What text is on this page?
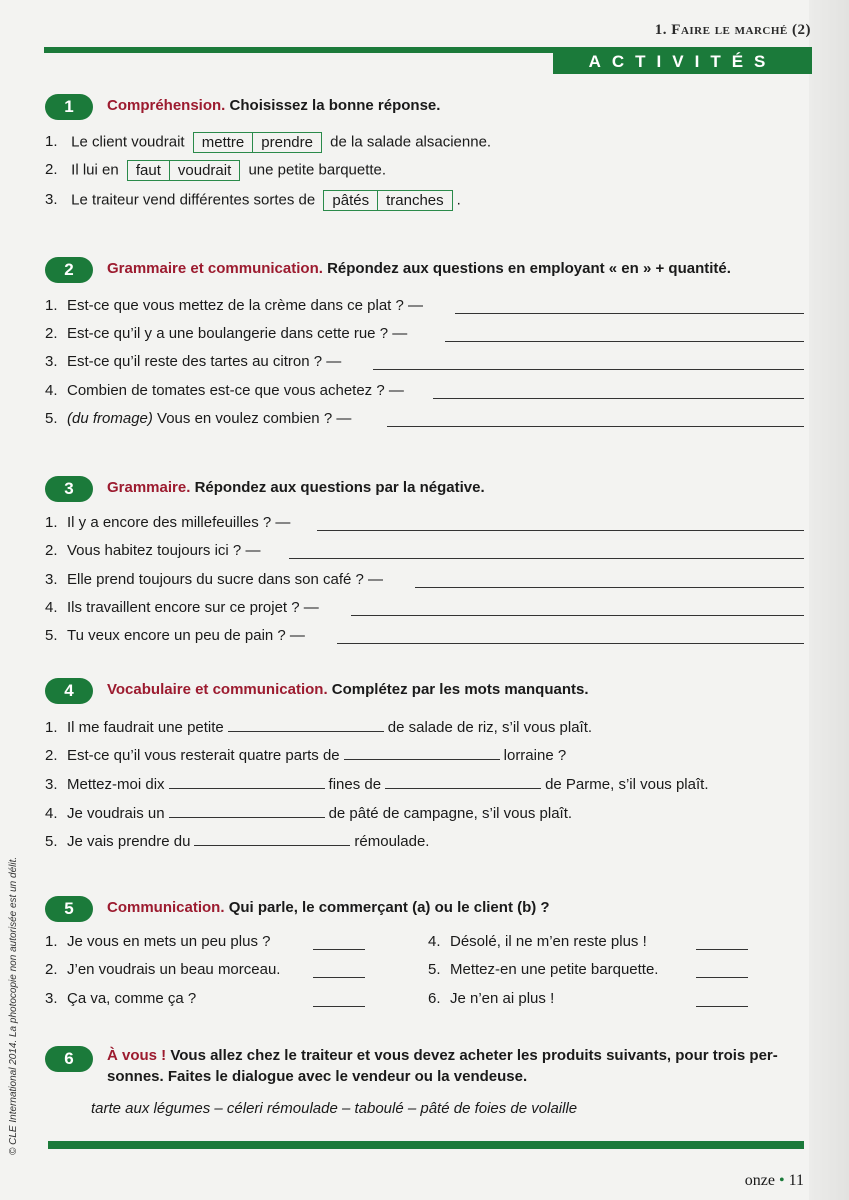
1. Faire le marché (2)
ACTIVITÉS
1	Compréhension. Choisissez la bonne réponse.
1. Le client voudrait	mettre	prendre	de la salade alsacienne.
2. Il lui en	faut	voudrait	une petite barquette.
3. Le traiteur vend différentes sortes de	pâtés	tranches .
2	Grammaire et communication. Répondez aux questions en employant « en » + quantité.
1. Est-ce que vous mettez de la crème dans ce plat ? —
2. Est-ce qu’il y a une boulangerie dans cette rue ? —
3. Est-ce qu’il reste des tartes au citron ? —
4. Combien de tomates est-ce que vous achetez ? —
5. (du fromage) Vous en voulez combien ? —
3	Grammaire. Répondez aux questions par la négative.
1. Il y a encore des millefeuilles ? —
2. Vous habitez toujours ici ? —
3. Elle prend toujours du sucre dans son café ? —
4. Ils travaillent encore sur ce projet ? —
5. Tu veux encore un peu de pain ? —
4	Vocabulaire et communication. Complétez par les mots manquants.
1. Il me faudrait une petite	de salade de riz, s’il vous plaît.
2. Est-ce qu’il vous resterait quatre parts de	lorraine ?
3. Mettez-moi dix	fines de	de Parme, s’il vous plaît.
4. Je voudrais un	de pâté de campagne, s’il vous plaît.
5. Je vais prendre du	rémoulade.
5	Communication. Qui parle, le commerçant (a) ou le client (b) ?
1. Je vous en mets un peu plus ?
2. J’en voudrais un beau morceau.
3. Ça va, comme ça ?
4. Désolé, il ne m’en reste plus !
5. Mettez-en une petite barquette.
6. Je n’en ai plus !
6	À vous ! Vous allez chez le traiteur et vous devez acheter les produits suivants, pour trois per-
sonnes. Faites le dialogue avec le vendeur ou la vendeuse.
tarte aux légumes – céleri rémoulade – taboulé – pâté de foies de volaille
onze • 11
© CLE International 2014. La photocopie non autorisée est un délit.
